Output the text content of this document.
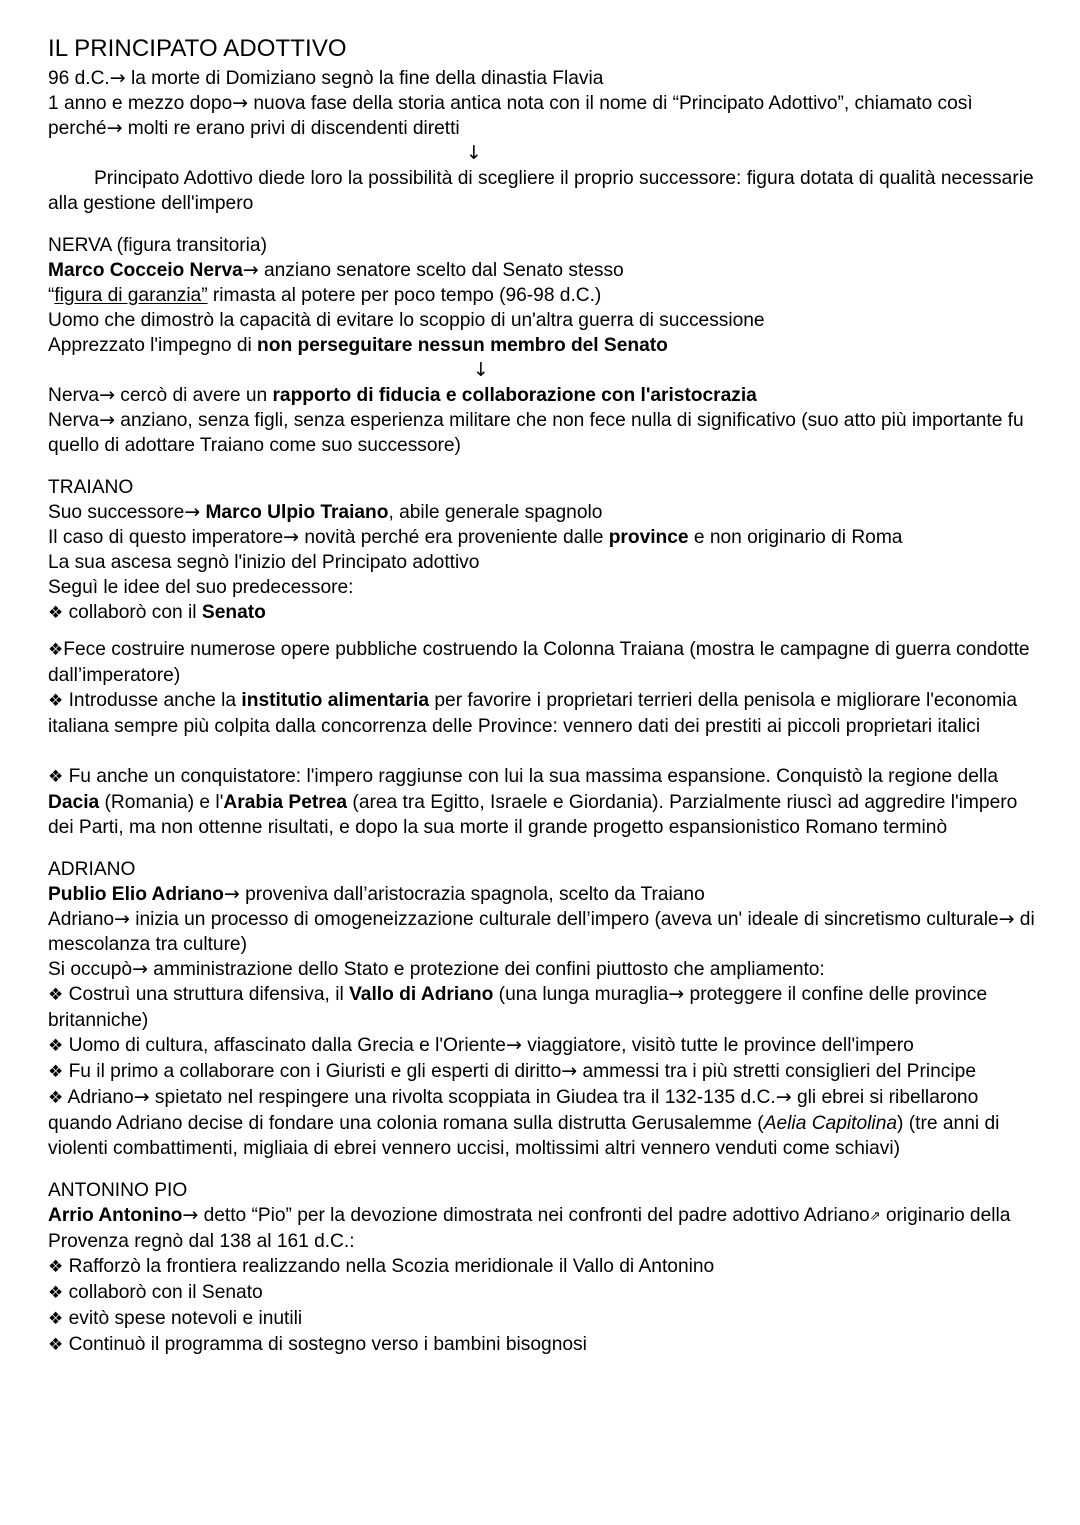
IL PRINCIPATO ADOTTIVO

96 d.C.→ la morte di Domiziano segnò la fine della dinastia Flavia

1 anno e mezzo dopo→ nuova fase della storia antica nota con il nome di “Principato Adottivo”, chiamato così perché→ molti re erano privi di discendenti diretti

↓

Principato Adottivo diede loro la possibilità di scegliere il proprio successore: figura dotata di qualità necessarie alla gestione dell'impero

NERVA (figura transitoria)

Marco Cocceio Nerva→ anziano senatore scelto dal Senato stesso

“figura di garanzia” rimasta al potere per poco tempo (96-98 d.C.)

Uomo che dimostrò la capacità di evitare lo scoppio di un'altra guerra di successione

Apprezzato l'impegno di non perseguitare nessun membro del Senato

↓

Nerva→ cercò di avere un rapporto di fiducia e collaborazione con l'aristocrazia

Nerva→ anziano, senza figli, senza esperienza militare che non fece nulla di significativo (suo atto più importante fu quello di adottare Traiano come suo successore)

TRAIANO

Suo successore→ Marco Ulpio Traiano, abile generale spagnolo

Il caso di questo imperatore→ novità perché era proveniente dalle province e non originario di Roma

La sua ascesa segnò l'inizio del Principato adottivo

Seguì le idee del suo predecessore:

❖ collaborò con il Senato

❖Fece costruire numerose opere pubbliche costruendo la Colonna Traiana (mostra le campagne di guerra condotte dall’imperatore)

❖ Introdusse anche la institutio alimentaria per favorire i proprietari terrieri della penisola e migliorare l'economia italiana sempre più colpita dalla concorrenza delle Province: vennero dati dei prestiti ai piccoli proprietari italici

❖ Fu anche un conquistatore: l'impero raggiunse con lui la sua massima espansione. Conquistò la regione della Dacia (Romania) e l'Arabia Petrea (area tra Egitto, Israele e Giordania). Parzialmente riuscì ad aggredire l'impero dei Parti, ma non ottenne risultati, e dopo la sua morte il grande progetto espansionistico Romano terminò

ADRIANO

Publio Elio Adriano→ proveniva dall’aristocrazia spagnola, scelto da Traiano

Adriano→ inizia un processo di omogeneizzazione culturale dell’impero (aveva un' ideale di sincretismo culturale→ di mescolanza tra culture)

Si occupò→ amministrazione dello Stato e protezione dei confini piuttosto che ampliamento:

❖ Costruì una struttura difensiva, il Vallo di Adriano (una lunga muraglia→ proteggere il confine delle province britanniche)

❖ Uomo di cultura, affascinato dalla Grecia e l'Oriente→ viaggiatore, visitò tutte le province dell'impero

❖ Fu il primo a collaborare con i Giuristi e gli esperti di diritto→ ammessi tra i più stretti consiglieri del Principe

❖ Adriano→ spietato nel respingere una rivolta scoppiata in Giudea tra il 132-135 d.C.→ gli ebrei si ribellarono quando Adriano decise di fondare una colonia romana sulla distrutta Gerusalemme (Aelia Capitolina) (tre anni di violenti combattimenti, migliaia di ebrei vennero uccisi, moltissimi altri vennero venduti come schiavi)

ANTONINO PIO

Arrio Antonino→ detto “Pio” per la devozione dimostrata nei confronti del padre adottivo Adriano⇗ originario della Provenza regnò dal 138 al 161 d.C.:

❖ Rafforzò la frontiera realizzando nella Scozia meridionale il Vallo di Antonino

❖ collaborò con il Senato

❖ evitò spese notevoli e inutili

❖ Continuò il programma di sostegno verso i bambini bisognosi
